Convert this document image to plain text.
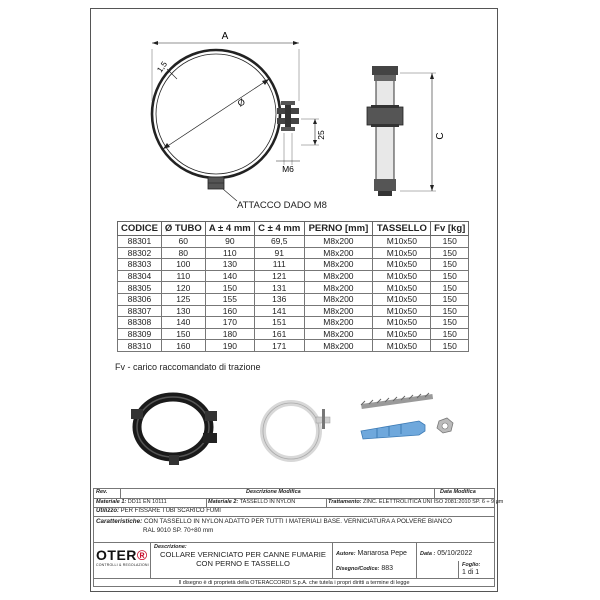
A
1,5
Ø
25
M6
C
ATTACCO DADO M8
CODICE	Ø TUBO	A ± 4 mm	C ± 4 mm	PERNO [mm]	TASSELLO	Fv [kg]
88301	60	90	69,5	M8x200	M10x50	150
88302	80	110	91	M8x200	M10x50	150
88303	100	130	111	M8x200	M10x50	150
88304	110	140	121	M8x200	M10x50	150
88305	120	150	131	M8x200	M10x50	150
88306	125	155	136	M8x200	M10x50	150
88307	130	160	141	M8x200	M10x50	150
88308	140	170	151	M8x200	M10x50	150
88309	150	180	161	M8x200	M10x50	150
88310	160	190	171	M8x200	M10x50	150
Fv - carico raccomandato di trazione
Rev.	Descrizione Modifica	Data Modifica
Materiale 1: DD11 EN 10111	Materiale 2: TASSELLO IN NYLON	Trattamento: ZINC. ELETTROLITICA UNI ISO 2081:2010 SP. 6 ÷ 9 μm
Utilizzo: PER FISSARE TUBI SCARICO FUMI
Caratteristiche: CON TASSELLO IN NYLON ADATTO PER TUTTI I MATERIALI BASE. VERNICIATURA A POLVERE BIANCO
RAL 9010 SP. 70÷80 mm
OTER®
CONTROLLI & REGOLAZIONI
Descrizione:
COLLARE VERNICIATO PER CANNE FUMARIE
CON PERNO E TASSELLO
Autore: Mariarosa Pepe
Disegno/Codice: 883
Data : 05/10/2022
Foglio:
1 di 1
Il disegno è di proprietà della OTERACCORDI S.p.A. che tutela i propri diritti a termine di legge
